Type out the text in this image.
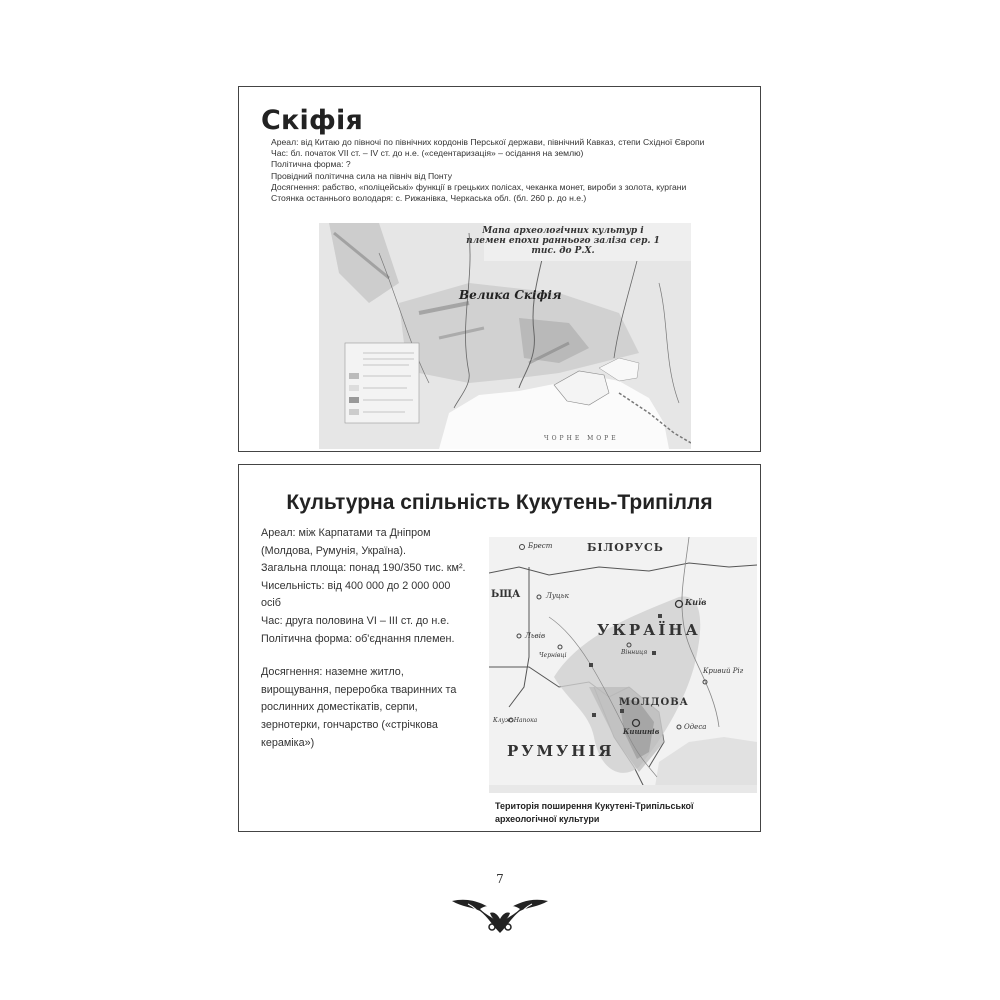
Скіфія
Ареал: від Китаю до півночі по північних кордонів Перської держави, північний Кавказ, степи Східної Європи
Час: бл. початок VII ст. – IV ст. до н.е. («седентаризація» – осідання на землю)
Політична форма: ?
Провідний політична сила на північ від Понту
Досягнення: рабство, «поліцейські» функції в грецьких полісах, чеканка монет, вироби з золота, кургани
Стоянка останнього володаря: с. Рижанівка, Черкаська обл. (бл. 260 р. до н.е.)
Мапа археологічних культур і племен епохи раннього заліза сер. 1 тис. до Р.Х.
Велика Скіфія
ЧОРНЕ МОРЕ
Культурна спільність Кукутень-Трипілля

Ареал: між Карпатами та Дніпром (Молдова, Румунія, Україна).

Загальна площа: понад 190/350 тис. км². Чисельність: від 400 000 до 2 000 000 осіб

Час: друга половина VI – III ст. до н.е.

Політична форма: об'єднання племен.

Досягнення: наземне житло, вирощування, переробка тваринних та рослинних доместікатів, серпи, зернотерки, гончарство («стрічкова кераміка»)

БІЛОРУСЬ
ЬЩА
УКРАЇНА
МОЛДОВА
РУМУНІЯ
Брест
Луцьк
Київ
Львів
Вінниця
Чернівці
Кривий Ріг
Кишинів	Одеса
Клуж-Напока
Територія поширення Кукутені-Трипільської археологічної культури
7
